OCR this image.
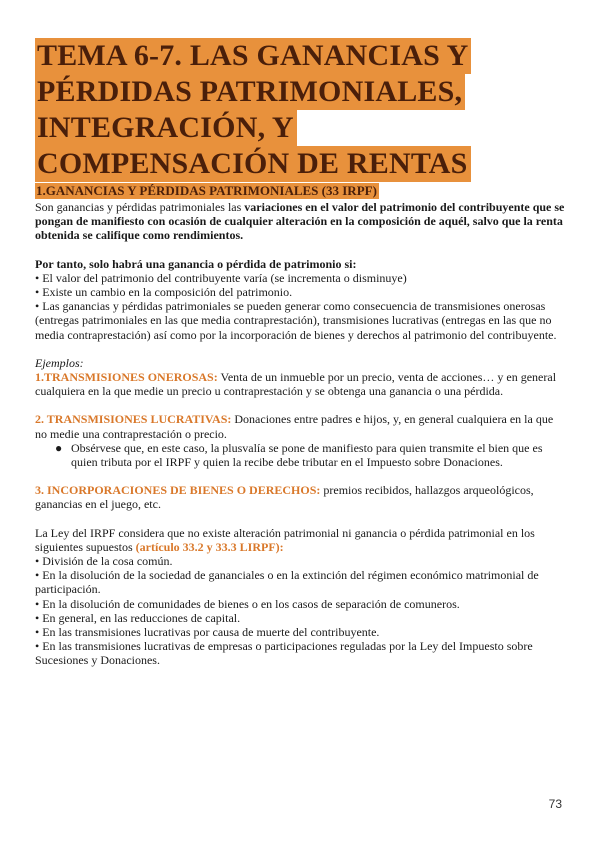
TEMA 6-7. LAS GANANCIAS Y
PÉRDIDAS PATRIMONIALES,
INTEGRACIÓN, Y
COMPENSACIÓN DE RENTAS
1.GANANCIAS Y PÉRDIDAS PATRIMONIALES (33 IRPF)

Son ganancias y pérdidas patrimoniales las variaciones en el valor del patrimonio del contribuyente que se pongan de manifiesto con ocasión de cualquier alteración en la composición de aquél, salvo que la renta obtenida se califique como rendimientos.

Por tanto, solo habrá una ganancia o pérdida de patrimonio si:

• El valor del patrimonio del contribuyente varía (se incrementa o disminuye)

• Existe un cambio en la composición del patrimonio.

• Las ganancias y pérdidas patrimoniales se pueden generar como consecuencia de transmisiones onerosas (entregas patrimoniales en las que media contraprestación), transmisiones lucrativas (entregas en las que no media contraprestación) así como por la incorporación de bienes y derechos al patrimonio del contribuyente.

Ejemplos:

1.TRANSMISIONES ONEROSAS: Venta de un inmueble por un precio, venta de acciones… y en general cualquiera en la que medie un precio u contraprestación y se obtenga una ganancia o una pérdida.

2. TRANSMISIONES LUCRATIVAS: Donaciones entre padres e hijos, y, en general cualquiera en la que no medie una contraprestación o precio.

● Obsérvese que, en este caso, la plusvalía se pone de manifiesto para quien transmite el bien que es quien tributa por el IRPF y quien la recibe debe tributar en el Impuesto sobre Donaciones.

3. INCORPORACIONES DE BIENES O DERECHOS: premios recibidos, hallazgos arqueológicos, ganancias en el juego, etc.

La Ley del IRPF considera que no existe alteración patrimonial ni ganancia o pérdida patrimonial en los siguientes supuestos (artículo 33.2 y 33.3 LIRPF):

• División de la cosa común.

• En la disolución de la sociedad de gananciales o en la extinción del régimen económico matrimonial de participación.

• En la disolución de comunidades de bienes o en los casos de separación de comuneros.

• En general, en las reducciones de capital.

• En las transmisiones lucrativas por causa de muerte del contribuyente.

• En las transmisiones lucrativas de empresas o participaciones reguladas por la Ley del Impuesto sobre Sucesiones y Donaciones.

73
